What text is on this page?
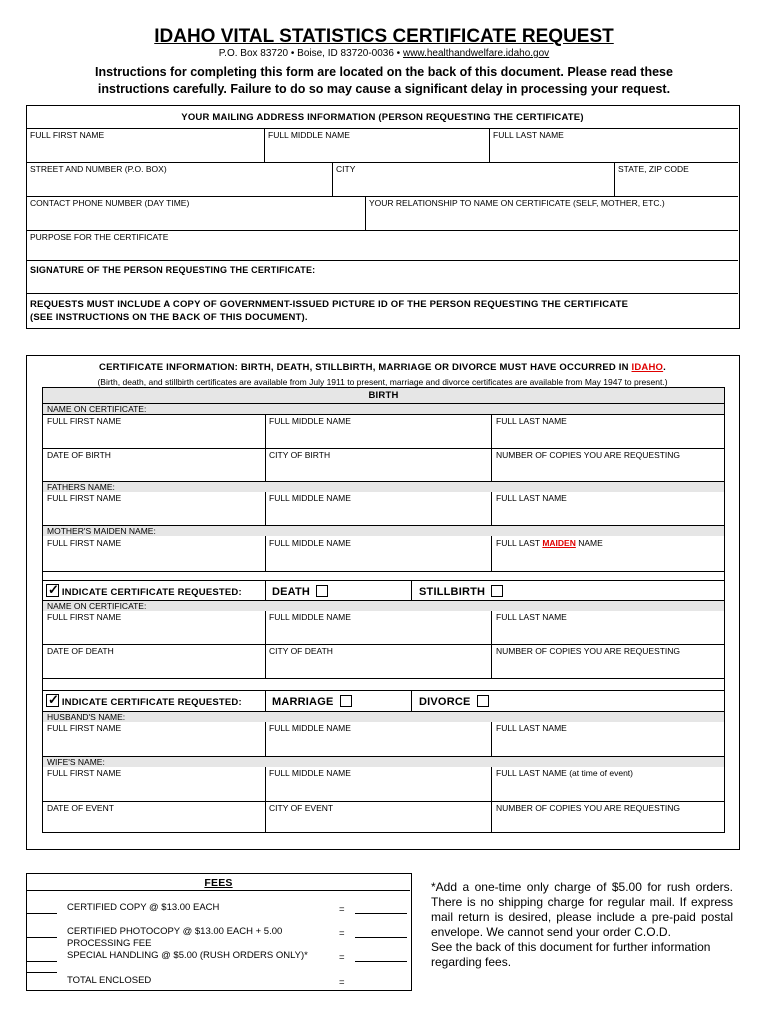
IDAHO VITAL STATISTICS CERTIFICATE REQUEST
P.O. Box 83720 • Boise, ID 83720-0036 • www.healthandwelfare.idaho.gov
Instructions for completing this form are located on the back of this document. Please read these
instructions carefully. Failure to do so may cause a significant delay in processing your request.
YOUR MAILING ADDRESS INFORMATION (PERSON REQUESTING THE CERTIFICATE)
FULL FIRST NAME	FULL MIDDLE NAME	FULL LAST NAME
STREET AND NUMBER (P.O. BOX)	CITY	STATE, ZIP CODE
CONTACT PHONE NUMBER (DAY TIME)	YOUR RELATIONSHIP TO NAME ON CERTIFICATE (SELF, MOTHER, ETC.)
PURPOSE FOR THE CERTIFICATE
SIGNATURE OF THE PERSON REQUESTING THE CERTIFICATE:
REQUESTS MUST INCLUDE A COPY OF GOVERNMENT-ISSUED PICTURE ID OF THE PERSON REQUESTING THE CERTIFICATE
(SEE INSTRUCTIONS ON THE BACK OF THIS DOCUMENT).
CERTIFICATE INFORMATION: BIRTH, DEATH, STILLBIRTH, MARRIAGE OR DIVORCE MUST HAVE OCCURRED IN IDAHO.
(Birth, death, and stillbirth certificates are available from July 1911 to present, marriage and divorce certificates are available from May 1947 to present.)
BIRTH
NAME ON CERTIFICATE:
FULL FIRST NAME	FULL MIDDLE NAME	FULL LAST NAME
DATE OF BIRTH	CITY OF BIRTH	NUMBER OF COPIES YOU ARE REQUESTING
FATHERS NAME:
FULL FIRST NAME	FULL MIDDLE NAME	FULL LAST NAME
MOTHER'S MAIDEN NAME:
FULL FIRST NAME	FULL MIDDLE NAME	FULL LAST MAIDEN NAME
✓ INDICATE CERTIFICATE REQUESTED:	DEATH	STILLBIRTH
NAME ON CERTIFICATE:
FULL FIRST NAME	FULL MIDDLE NAME	FULL LAST NAME
DATE OF DEATH	CITY OF DEATH	NUMBER OF COPIES YOU ARE REQUESTING
✓ INDICATE CERTIFICATE REQUESTED:	MARRIAGE	DIVORCE
HUSBAND'S NAME:
FULL FIRST NAME	FULL MIDDLE NAME	FULL LAST NAME
WIFE'S NAME:
FULL FIRST NAME	FULL MIDDLE NAME	FULL LAST NAME (at time of event)
DATE OF EVENT	CITY OF EVENT	NUMBER OF COPIES YOU ARE REQUESTING
FEES
CERTIFIED COPY @ $13.00 EACH	=
CERTIFIED PHOTOCOPY @ $13.00 EACH + 5.00	=
PROCESSING FEE
SPECIAL HANDLING @ $5.00 (RUSH ORDERS ONLY)*	=
TOTAL ENCLOSED	=
*Add a one-time only charge of $5.00 for rush orders. There is no shipping charge for regular mail. If express mail return is desired, please include a pre-paid postal envelope. We cannot send your order C.O.D.
See the back of this document for further information regarding fees.
